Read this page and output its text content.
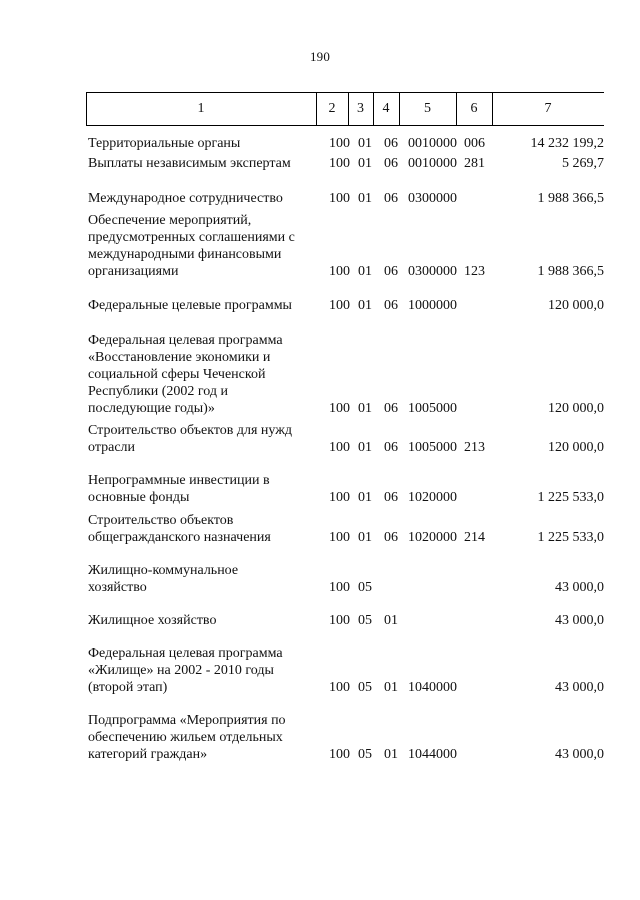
190
1	2	3	4	5	6	7
Территориальные органы	100 01 06 0010000 006	14 232 199,2
Выплаты независимым экспертам	100 01 06 0010000 281	5 269,7
Международное сотрудничество	100 01 06 0300000	1 988 366,5
Обеспечение мероприятий,
предусмотренных соглашениями с
международными финансовыми
организациями	100 01 06 0300000 123	1 988 366,5
Федеральные целевые программы	100 01 06 1000000	120 000,0
Федеральная целевая программа
«Восстановление экономики и
социальной сферы Чеченской
Республики (2002 год и
последующие годы)»	100 01 06 1005000	120 000,0
Строительство объектов для нужд
отрасли	100 01 06 1005000 213	120 000,0
Непрограммные инвестиции в
основные фонды	100 01 06 1020000	1 225 533,0
Строительство объектов
общегражданского назначения	100 01 06 1020000 214	1 225 533,0
Жилищно-коммунальное
хозяйство	100 05	43 000,0
Жилищное хозяйство	100 05 01	43 000,0
Федеральная целевая программа
«Жилище» на 2002 - 2010 годы
(второй этап)	100 05 01 1040000	43 000,0
Подпрограмма «Мероприятия по
обеспечению жильем отдельных
категорий граждан»	100 05 01 1044000	43 000,0
